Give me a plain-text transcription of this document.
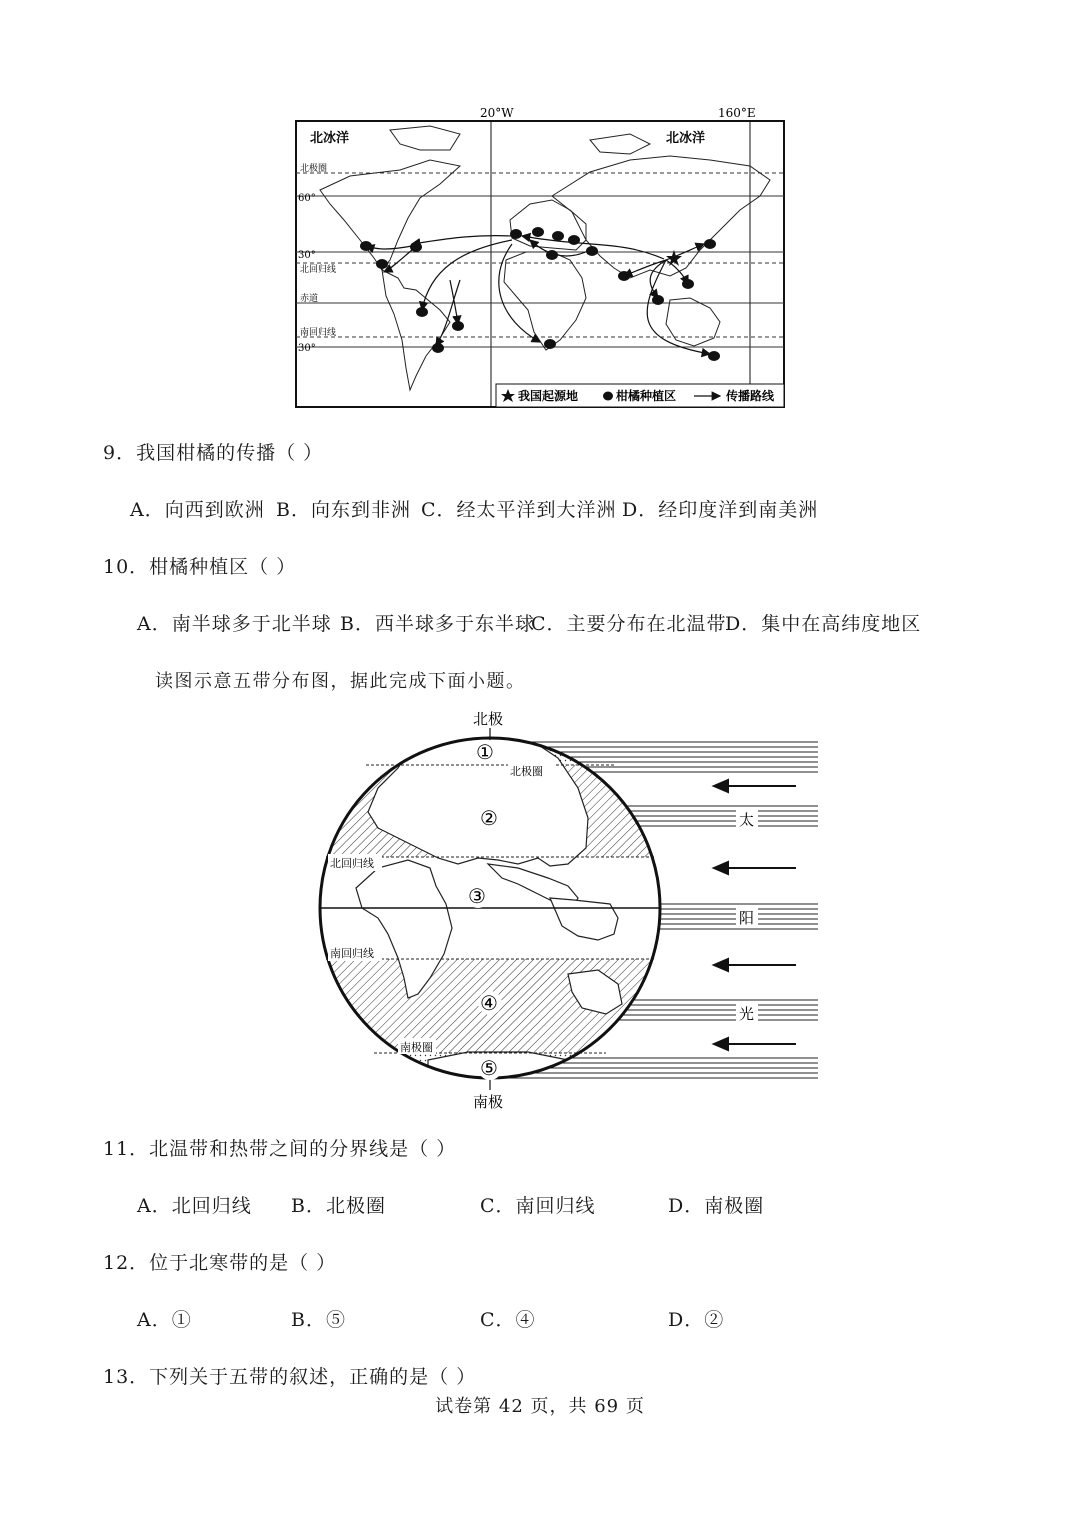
20°W	160°E
北冰洋	北冰洋
北极圈
60°
30°
北回归线
赤道
南回归线
30°
我国起源地	柑橘种植区	传播路线
9．我国柑橘的传播（ ）
A．向西到欧洲 B．向东到非洲 C．经太平洋到大洋洲 D．经印度洋到南美洲
10．柑橘种植区（ ）
A．南半球多于北半球 B．西半球多于东半球
C．主要分布在北温带
D．集中在高纬度地区
读图示意五带分布图，据此完成下面小题。
太
阳
光
北极
南极
北极圈
北回归线
南回归线
南极圈
①
②
③
④
⑤
11．北温带和热带之间的分界线是（ ）
A．北回归线 B．北极圈	C．南回归线	D．南极圈
12．位于北寒带的是（ ）
A．①	B．⑤	C．④	D．②
13．下列关于五带的叙述，正确的是（ ）
试卷第 42 页，共 69 页
